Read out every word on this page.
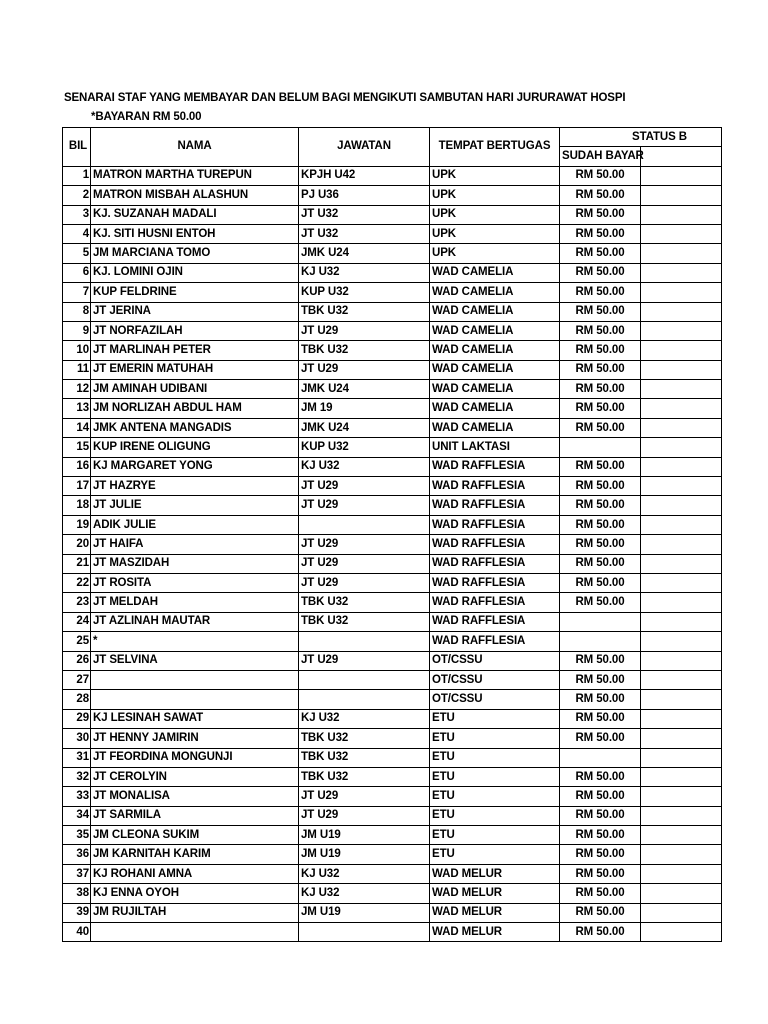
SENARAI STAF YANG MEMBAYAR DAN BELUM BAGI MENGIKUTI SAMBUTAN HARI JURURAWAT HOSPI
*BAYARAN RM 50.00
BIL	NAMA	JAWATAN	TEMPAT BERTUGAS	STATUS B	
				SUDAH BAYAR	
1	MATRON MARTHA TUREPUN	KPJH U42	UPK	RM 50.00	
2	MATRON MISBAH ALASHUN	PJ U36	UPK	RM 50.00	
3	KJ. SUZANAH MADALI	JT U32	UPK	RM 50.00	
4	KJ. SITI HUSNI ENTOH	JT U32	UPK	RM 50.00	
5	JM MARCIANA TOMO	JMK U24	UPK	RM 50.00	
6	KJ. LOMINI OJIN	KJ U32	WAD CAMELIA	RM 50.00	
7	KUP FELDRINE	KUP U32	WAD CAMELIA	RM 50.00	
8	JT JERINA	TBK U32	WAD CAMELIA	RM 50.00	
9	JT NORFAZILAH	JT U29	WAD CAMELIA	RM 50.00	
10	JT MARLINAH PETER	TBK U32	WAD CAMELIA	RM 50.00	
11	JT EMERIN MATUHAH	JT U29	WAD CAMELIA	RM 50.00	
12	JM AMINAH UDIBANI	JMK U24	WAD CAMELIA	RM 50.00	
13	JM NORLIZAH ABDUL HAM	JM 19	WAD CAMELIA	RM 50.00	
14	JMK ANTENA MANGADIS	JMK U24	WAD CAMELIA	RM 50.00	
15	KUP IRENE OLIGUNG	KUP U32	UNIT LAKTASI		
16	KJ MARGARET YONG	KJ U32	WAD RAFFLESIA	RM 50.00	
17	JT HAZRYE	JT U29	WAD RAFFLESIA	RM 50.00	
18	JT JULIE	JT U29	WAD RAFFLESIA	RM 50.00	
19	ADIK JULIE		WAD RAFFLESIA	RM 50.00	
20	JT HAIFA	JT U29	WAD RAFFLESIA	RM 50.00	
21	JT MASZIDAH	JT U29	WAD RAFFLESIA	RM 50.00	
22	JT ROSITA	JT U29	WAD RAFFLESIA	RM 50.00	
23	JT MELDAH	TBK U32	WAD RAFFLESIA	RM 50.00	
24	JT AZLINAH MAUTAR	TBK U32	WAD RAFFLESIA		
25	*		WAD RAFFLESIA		
26	JT SELVINA	JT U29	OT/CSSU	RM 50.00	
27			OT/CSSU	RM 50.00	
28			OT/CSSU	RM 50.00	
29	KJ LESINAH SAWAT	KJ U32	ETU	RM 50.00	
30	JT HENNY JAMIRIN	TBK U32	ETU	RM 50.00	
31	JT FEORDINA MONGUNJI	TBK U32	ETU		
32	JT CEROLYIN	TBK U32	ETU	RM 50.00	
33	JT MONALISA	JT U29	ETU	RM 50.00	
34	JT SARMILA	JT U29	ETU	RM 50.00	
35	JM CLEONA SUKIM	JM U19	ETU	RM 50.00	
36	JM KARNITAH KARIM	JM U19	ETU	RM 50.00	
37	KJ ROHANI AMNA	KJ U32	WAD MELUR	RM 50.00	
38	KJ ENNA OYOH	KJ U32	WAD MELUR	RM 50.00	
39	JM RUJILTAH	JM U19	WAD MELUR	RM 50.00	
40			WAD MELUR	RM 50.00	
